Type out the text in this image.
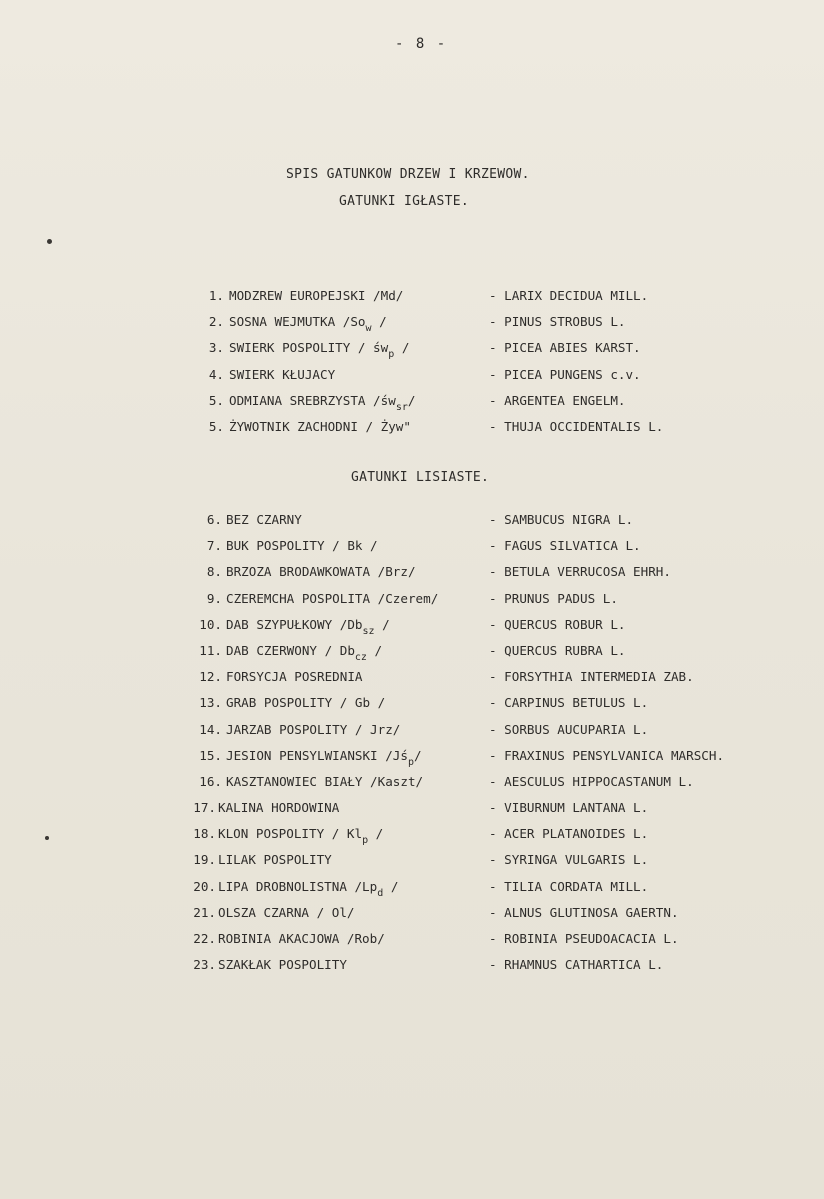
- 8 -
SPIS GATUNKOW DRZEW I KRZEWOW.
GATUNKI IGŁASTE.
1. MODZREW EUROPEJSKI /Md/	- LARIX DECIDUA MILL.
2. SOSNA WEJMUTKA $/So_w$ /	- PINUS STROBUS L.
3. SWIERK POSPOLITY / $św_p$ /	- PICEA ABIES KARST.
4. SWIERK KŁUJACY	- PICEA PUNGENS c.v.
5. ODMIANA SREBRZYSTA $/św_{sr}/$	- ARGENTEA ENGELM.
5. ŻYWOTNIK ZACHODNI / Żyw"	- THUJA OCCIDENTALIS L.
GATUNKI LISIASTE.
6. BEZ CZARNY	- SAMBUCUS NIGRA L.
7. BUK POSPOLITY / Bk /	- FAGUS SILVATICA L.
8. BRZOZA BRODAWKOWATA /Brz/	- BETULA VERRUCOSA EHRH.
9. CZEREMCHA POSPOLITA /Czerem/	- PRUNUS PADUS L.
10. DAB SZYPUŁKOWY $/Db_{sz}$ /	- QUERCUS ROBUR L.
11. DAB CZERWONY / $Db_{cz}$ /	- QUERCUS RUBRA L.
12. FORSYCJA POSREDNIA	- FORSYTHIA INTERMEDIA ZAB.
13. GRAB POSPOLITY / Gb /	- CARPINUS BETULUS L.
14. JARZAB POSPOLITY / Jrz/	- SORBUS AUCUPARIA L.
15. JESION PENSYLWIANSKI $/Jś_p/$	- FRAXINUS PENSYLVANICA MARSCH.
16. KASZTANOWIEC BIAŁY /Kaszt/	- AESCULUS HIPPOCASTANUM L.
17. KALINA HORDOWINA	- VIBURNUM LANTANA L.
18. KLON POSPOLITY / $Kl_p$ /	- ACER PLATANOIDES L.
19. LILAK POSPOLITY	- SYRINGA VULGARIS L.
20. LIPA DROBNOLISTNA $/Lp_d$ /	- TILIA CORDATA MILL.
21. OLSZA CZARNA / Ol/	- ALNUS GLUTINOSA GAERTN.
22. ROBINIA AKACJOWA /Rob/	- ROBINIA PSEUDOACACIA L.
23. SZAKŁAK POSPOLITY	- RHAMNUS CATHARTICA L.
